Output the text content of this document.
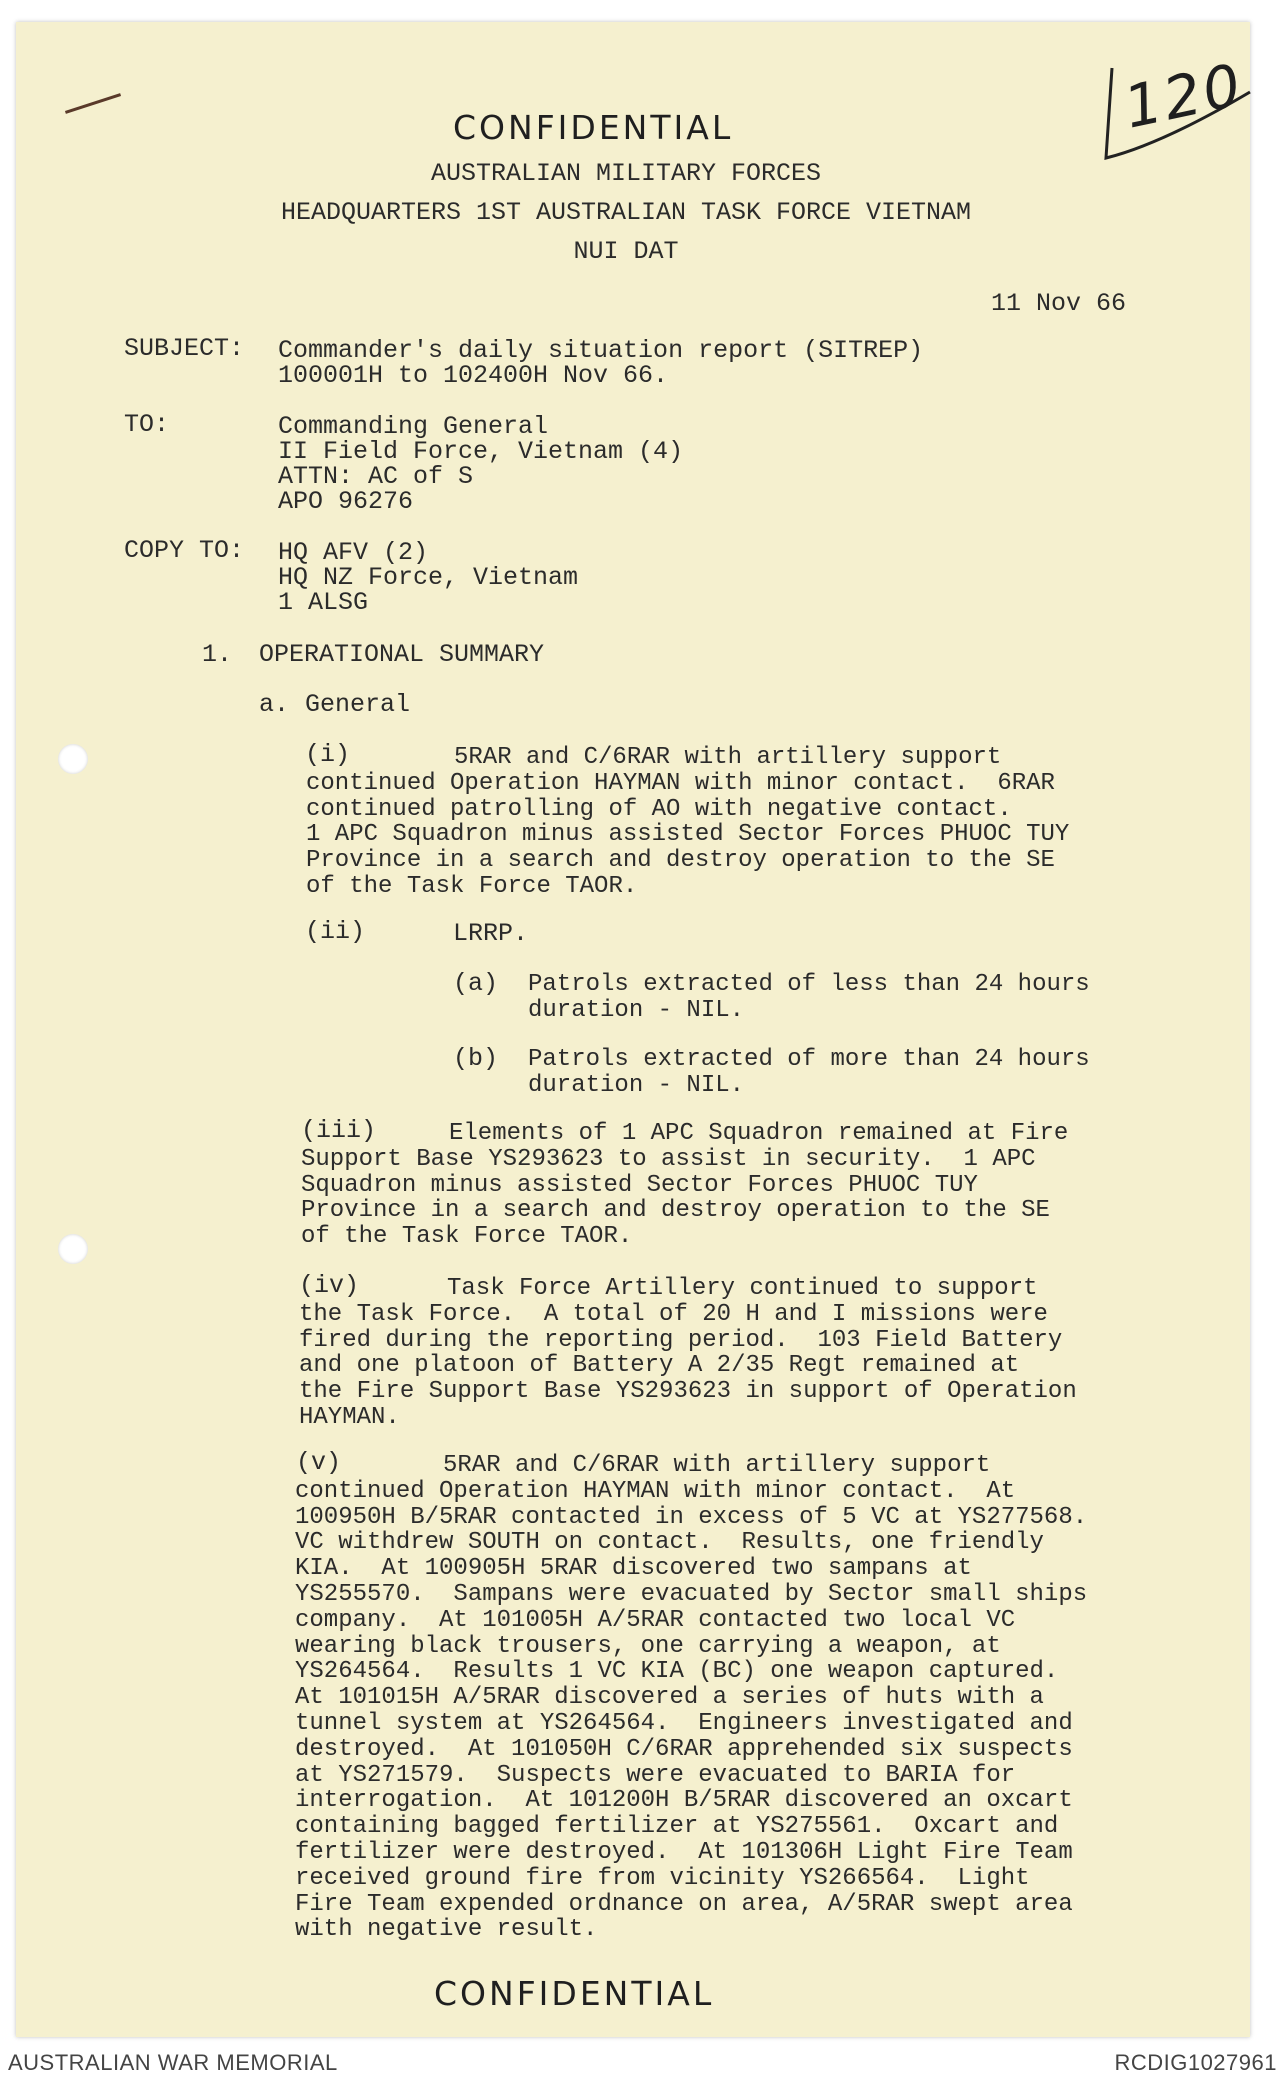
120
CONFIDENTIAL
AUSTRALIAN MILITARY FORCES
HEADQUARTERS 1ST AUSTRALIAN TASK FORCE VIETNAM
NUI DAT
11 Nov 66
SUBJECT: Commander's daily situation report (SITREP)
100001H to 102400H Nov 66.
TO:	Commanding General
II Field Force, Vietnam (4)
ATTN: AC of S
APO 96276
COPY TO: HQ AFV (2)
HQ NZ Force, Vietnam
1 ALSG
1. OPERATIONAL SUMMARY
a. General
(i)	5RAR and C/6RAR with artillery support
continued Operation HAYMAN with minor contact.  6RAR
continued patrolling of AO with negative contact.
1 APC Squadron minus assisted Sector Forces PHUOC TUY
Province in a search and destroy operation to the SE
of the Task Force TAOR.
(ii)	LRRP.
(a) Patrols extracted of less than 24 hours
duration - NIL.
(b) Patrols extracted of more than 24 hours
duration - NIL.
(iii)	Elements of 1 APC Squadron remained at Fire
Support Base YS293623 to assist in security.  1 APC
Squadron minus assisted Sector Forces PHUOC TUY
Province in a search and destroy operation to the SE
of the Task Force TAOR.
(iv)	Task Force Artillery continued to support
the Task Force.  A total of 20 H and I missions were
fired during the reporting period.  103 Field Battery
and one platoon of Battery A 2/35 Regt remained at
the Fire Support Base YS293623 in support of Operation
HAYMAN.
(v)	5RAR and C/6RAR with artillery support
continued Operation HAYMAN with minor contact.  At
100950H B/5RAR contacted in excess of 5 VC at YS277568.
VC withdrew SOUTH on contact.  Results, one friendly
KIA.  At 100905H 5RAR discovered two sampans at
YS255570.  Sampans were evacuated by Sector small ships
company.  At 101005H A/5RAR contacted two local VC
wearing black trousers, one carrying a weapon, at
YS264564.  Results 1 VC KIA (BC) one weapon captured.
At 101015H A/5RAR discovered a series of huts with a
tunnel system at YS264564.  Engineers investigated and
destroyed.  At 101050H C/6RAR apprehended six suspects
at YS271579.  Suspects were evacuated to BARIA for
interrogation.  At 101200H B/5RAR discovered an oxcart
containing bagged fertilizer at YS275561.  Oxcart and
fertilizer were destroyed.  At 101306H Light Fire Team
received ground fire from vicinity YS266564.  Light
Fire Team expended ordnance on area, A/5RAR swept area
with negative result.
CONFIDENTIAL
AUSTRALIAN WAR MEMORIAL	RCDIG1027961
